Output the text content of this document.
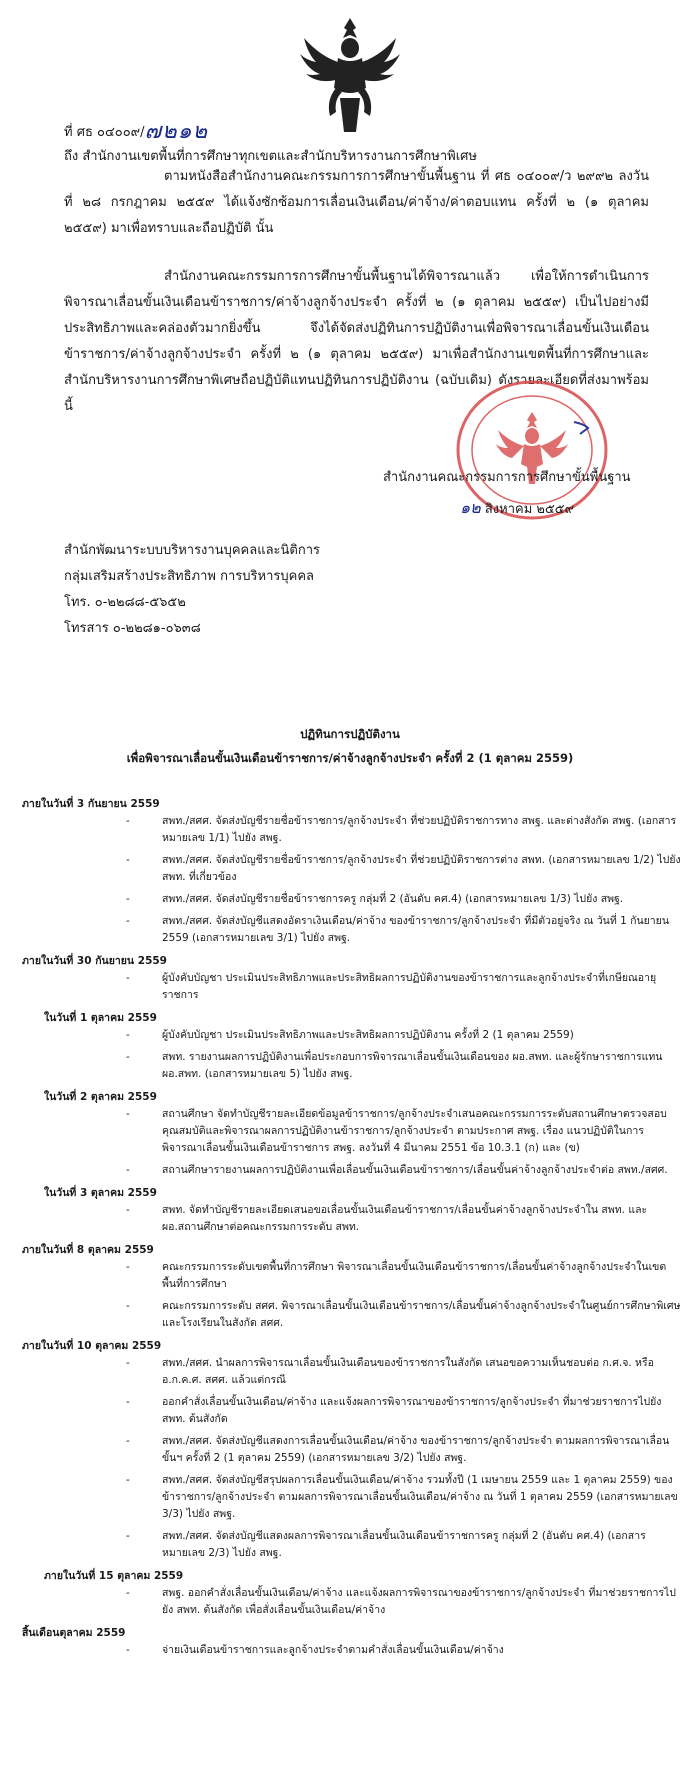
ที่ ศธ ๐๔๐๐๙/๗๒๑๒
ถึง สำนักงานเขตพื้นที่การศึกษาทุกเขตและสำนักบริหารงานการศึกษาพิเศษ
ตามหนังสือสำนักงานคณะกรรมการการศึกษาขั้นพื้นฐาน ที่ ศธ ๐๔๐๐๙/ว ๒๙๙๒ ลงวันที่ ๒๘ กรกฎาคม ๒๕๕๙ ได้แจ้งซักซ้อมการเลื่อนเงินเดือน/ค่าจ้าง/ค่าตอบแทน ครั้งที่ ๒ (๑ ตุลาคม ๒๕๕๙) มาเพื่อทราบและถือปฏิบัติ นั้น
สำนักงานคณะกรรมการการศึกษาขั้นพื้นฐานได้พิจารณาแล้ว เพื่อให้การดำเนินการพิจารณาเลื่อนขั้นเงินเดือนข้าราชการ/ค่าจ้างลูกจ้างประจำ ครั้งที่ ๒ (๑ ตุลาคม ๒๕๕๙) เป็นไปอย่างมีประสิทธิภาพและคล่องตัวมากยิ่งขึ้น จึงได้จัดส่งปฏิทินการปฏิบัติงานเพื่อพิจารณาเลื่อนขั้นเงินเดือนข้าราชการ/ค่าจ้างลูกจ้างประจำ ครั้งที่ ๒ (๑ ตุลาคม ๒๕๕๙) มาเพื่อสำนักงานเขตพื้นที่การศึกษาและสำนักบริหารงานการศึกษาพิเศษถือปฏิบัติแทนปฏิทินการปฏิบัติงาน (ฉบับเดิม) ดังรายละเอียดที่ส่งมาพร้อมนี้
สำนักงานคณะกรรมการการศึกษาขั้นพื้นฐาน
๑๒ สิงหาคม ๒๕๕๙
สำนักพัฒนาระบบบริหารงานบุคคลและนิติการ
กลุ่มเสริมสร้างประสิทธิภาพ การบริหารบุคคล
โทร. ๐-๒๒๘๘-๕๖๕๒
โทรสาร ๐-๒๒๘๑-๐๖๓๘
ปฏิทินการปฏิบัติงาน
เพื่อพิจารณาเลื่อนขั้นเงินเดือนข้าราชการ/ค่าจ้างลูกจ้างประจำ ครั้งที่ 2 (1 ตุลาคม 2559)
ภายในวันที่ 3 กันยายน 2559
-	สพท./สศศ. จัดส่งบัญชีรายชื่อข้าราชการ/ลูกจ้างประจำ ที่ช่วยปฏิบัติราชการทาง สพฐ. และต่างสังกัด สพฐ. (เอกสารหมายเลข 1/1) ไปยัง สพฐ.
-	สพท./สศศ. จัดส่งบัญชีรายชื่อข้าราชการ/ลูกจ้างประจำ ที่ช่วยปฏิบัติราชการต่าง สพท. (เอกสารหมายเลข 1/2) ไปยัง สพท. ที่เกี่ยวข้อง
-	สพท./สศศ. จัดส่งบัญชีรายชื่อข้าราชการครู กลุ่มที่ 2 (อันดับ คศ.4) (เอกสารหมายเลข 1/3) ไปยัง สพฐ.
-	สพท./สศศ. จัดส่งบัญชีแสดงอัตราเงินเดือน/ค่าจ้าง ของข้าราชการ/ลูกจ้างประจำ ที่มีตัวอยู่จริง ณ วันที่ 1 กันยายน 2559 (เอกสารหมายเลข 3/1) ไปยัง สพฐ.
ภายในวันที่ 30 กันยายน 2559
-	ผู้บังคับบัญชา ประเมินประสิทธิภาพและประสิทธิผลการปฏิบัติงานของข้าราชการและลูกจ้างประจำที่เกษียณอายุราชการ
ในวันที่ 1 ตุลาคม 2559
-	ผู้บังคับบัญชา ประเมินประสิทธิภาพและประสิทธิผลการปฏิบัติงาน ครั้งที่ 2 (1 ตุลาคม 2559)
-	สพท. รายงานผลการปฏิบัติงานเพื่อประกอบการพิจารณาเลื่อนขั้นเงินเดือนของ ผอ.สพท. และผู้รักษาราชการแทน ผอ.สพท. (เอกสารหมายเลข 5) ไปยัง สพฐ.
ในวันที่ 2 ตุลาคม 2559
-	สถานศึกษา จัดทำบัญชีรายละเอียดข้อมูลข้าราชการ/ลูกจ้างประจำเสนอคณะกรรมการระดับสถานศึกษาตรวจสอบคุณสมบัติและพิจารณาผลการปฏิบัติงานข้าราชการ/ลูกจ้างประจำ ตามประกาศ สพฐ. เรื่อง แนวปฏิบัติในการพิจารณาเลื่อนขั้นเงินเดือนข้าราชการ สพฐ. ลงวันที่ 4 มีนาคม 2551 ข้อ 10.3.1 (ก) และ (ข)
-	สถานศึกษารายงานผลการปฏิบัติงานเพื่อเลื่อนขั้นเงินเดือนข้าราชการ/เลื่อนขั้นค่าจ้างลูกจ้างประจำต่อ สพท./สศศ.
ในวันที่ 3 ตุลาคม 2559
-	สพท. จัดทำบัญชีรายละเอียดเสนอขอเลื่อนขั้นเงินเดือนข้าราชการ/เลื่อนขั้นค่าจ้างลูกจ้างประจำใน สพท. และ ผอ.สถานศึกษาต่อคณะกรรมการระดับ สพท.
ภายในวันที่ 8 ตุลาคม 2559
-	คณะกรรมการระดับเขตพื้นที่การศึกษา พิจารณาเลื่อนขั้นเงินเดือนข้าราชการ/เลื่อนขั้นค่าจ้างลูกจ้างประจำในเขตพื้นที่การศึกษา
-	คณะกรรมการระดับ สศศ. พิจารณาเลื่อนขั้นเงินเดือนข้าราชการ/เลื่อนขั้นค่าจ้างลูกจ้างประจำในศูนย์การศึกษาพิเศษและโรงเรียนในสังกัด สศศ.
ภายในวันที่ 10 ตุลาคม 2559
-	สพท./สศศ. นำผลการพิจารณาเลื่อนขั้นเงินเดือนของข้าราชการในสังกัด เสนอขอความเห็นชอบต่อ ก.ศ.จ. หรือ อ.ก.ค.ศ. สศศ. แล้วแต่กรณี
-	ออกคำสั่งเลื่อนขั้นเงินเดือน/ค่าจ้าง และแจ้งผลการพิจารณาของข้าราชการ/ลูกจ้างประจำ ที่มาช่วยราชการไปยัง สพท. ต้นสังกัด
-	สพท./สศศ. จัดส่งบัญชีแสดงการเลื่อนขั้นเงินเดือน/ค่าจ้าง ของข้าราชการ/ลูกจ้างประจำ ตามผลการพิจารณาเลื่อนขั้นฯ ครั้งที่ 2 (1 ตุลาคม 2559) (เอกสารหมายเลข 3/2) ไปยัง สพฐ.
-	สพท./สศศ. จัดส่งบัญชีสรุปผลการเลื่อนขั้นเงินเดือน/ค่าจ้าง รวมทั้งปี (1 เมษายน 2559 และ 1 ตุลาคม 2559) ของข้าราชการ/ลูกจ้างประจำ ตามผลการพิจารณาเลื่อนขั้นเงินเดือน/ค่าจ้าง ณ วันที่ 1 ตุลาคม 2559 (เอกสารหมายเลข 3/3) ไปยัง สพฐ.
-	สพท./สศศ. จัดส่งบัญชีแสดงผลการพิจารณาเลื่อนขั้นเงินเดือนข้าราชการครู กลุ่มที่ 2 (อันดับ คศ.4) (เอกสารหมายเลข 2/3) ไปยัง สพฐ.
ภายในวันที่ 15 ตุลาคม 2559
-	สพฐ. ออกคำสั่งเลื่อนขั้นเงินเดือน/ค่าจ้าง และแจ้งผลการพิจารณาของข้าราชการ/ลูกจ้างประจำ ที่มาช่วยราชการไปยัง สพท. ต้นสังกัด เพื่อสั่งเลื่อนขั้นเงินเดือน/ค่าจ้าง
สิ้นเดือนตุลาคม 2559
-	จ่ายเงินเดือนข้าราชการและลูกจ้างประจำตามคำสั่งเลื่อนขั้นเงินเดือน/ค่าจ้าง
